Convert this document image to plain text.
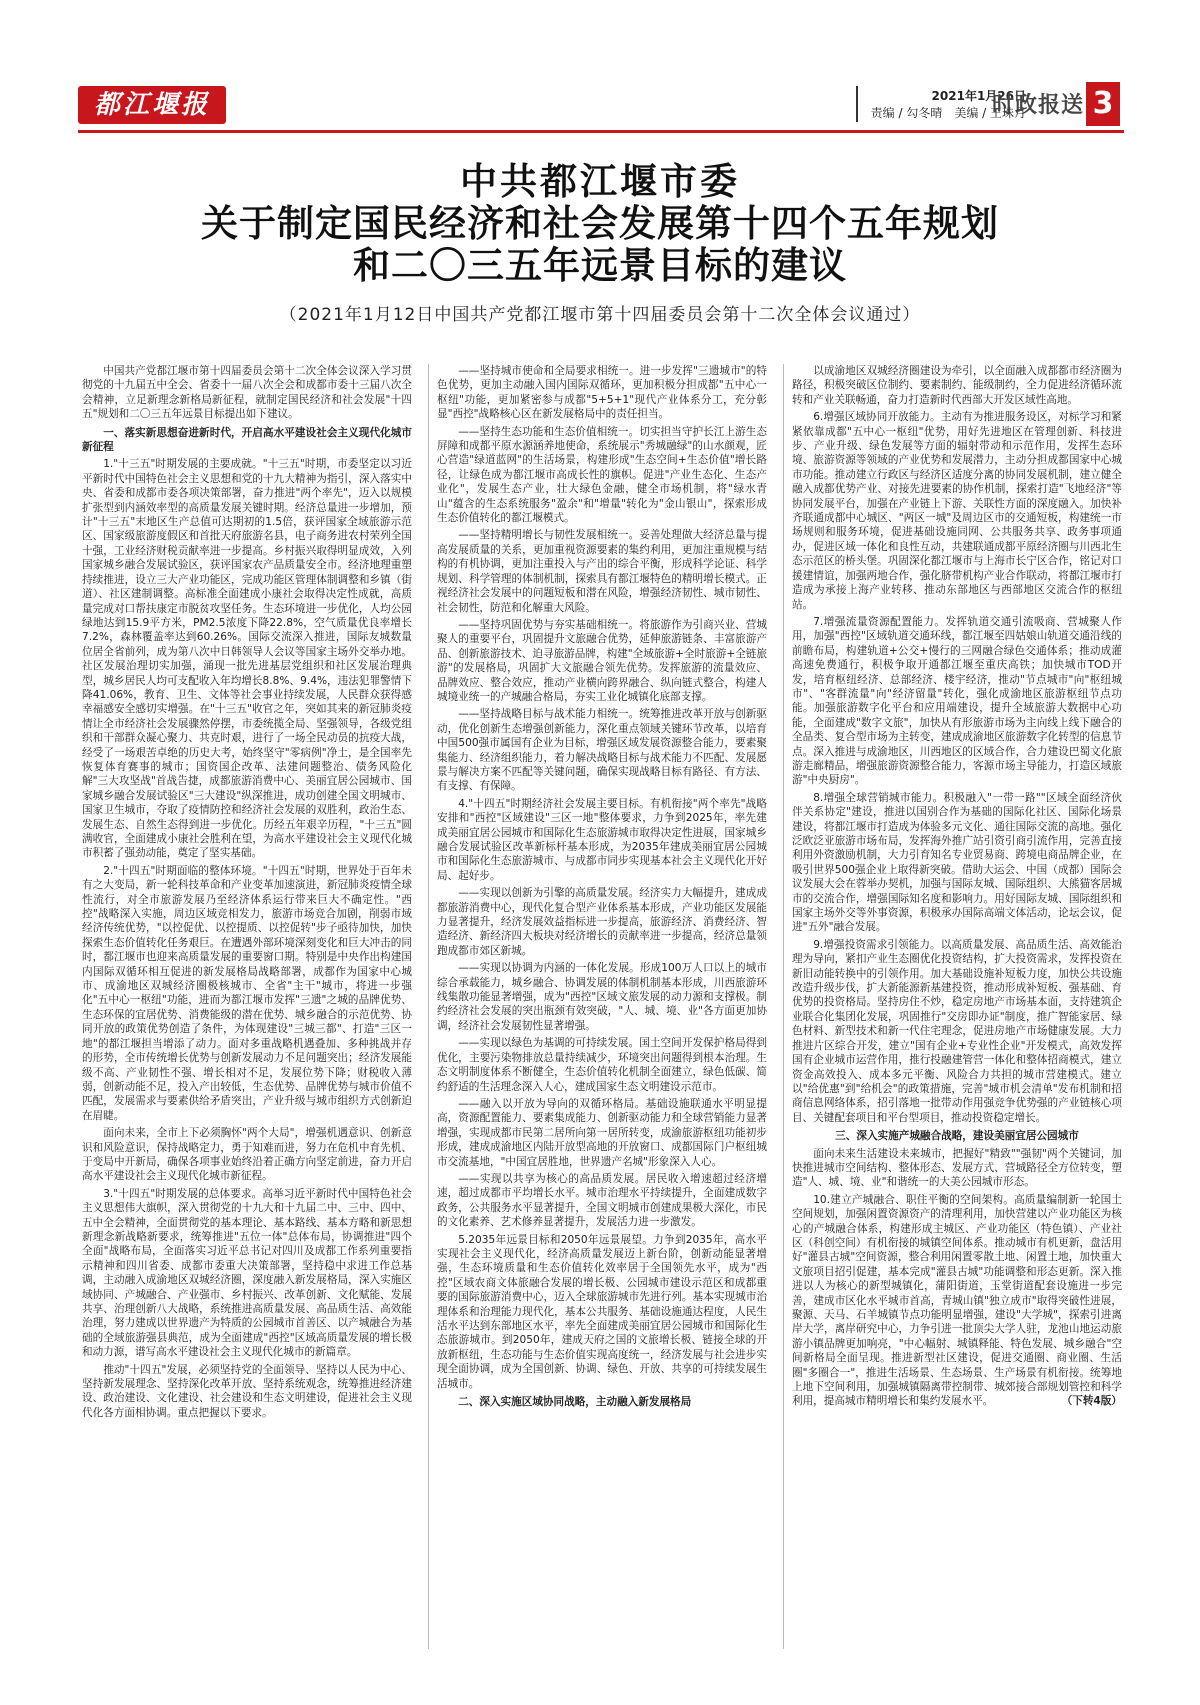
都江堰报	2021年1月26日
责编 / 勾冬晴　美编 / 王珠月
时政报送 3
中共都江堰市委
关于制定国民经济和社会发展第十四个五年规划
和二〇三五年远景目标的建议
（2021年1月12日中国共产党都江堰市第十四届委员会第十二次全体会议通过）

中国共产党都江堰市第十四届委员会第十二次全体会议深入学习贯彻党的十九届五中全会、省委十一届八次全会和成都市委十三届八次全会精神，立足新理念新格局新征程，就制定国民经济和社会发展"十四五"规划和二〇三五年远景目标提出如下建议。

一、落实新思想奋进新时代，开启高水平建设社会主义现代化城市新征程

1."十三五"时期发展的主要成就。"十三五"时期，市委坚定以习近平新时代中国特色社会主义思想和党的十九大精神为指引，深入落实中央、省委和成都市委各项决策部署，奋力推进"两个率先"，迈入以规模扩张型到内涵效率型的高质量发展关键时期。经济总量进一步增加，预计"十三五"末地区生产总值可达期初的1.5倍，获评国家全域旅游示范区、国家级旅游度假区和首批天府旅游名县，电子商务进农村荣列全国十强，工业经济财税贡献率进一步提高。乡村振兴取得明显成效，入列国家城乡融合发展试验区，获评国家农产品质量安全市。经济地理重塑持续推进，设立三大产业功能区，完成功能区管理体制调整和乡镇（街道）、社区建制调整。高标准全面建成小康社会取得决定性成就，高质量完成对口帮扶康定市脱贫攻坚任务。生态环境进一步优化，人均公园绿地达到15.9平方米，PM2.5浓度下降22.8%，空气质量优良率增长7.2%，森林覆盖率达到60.26%。国际交流深入推进，国际友城数量位居全省前列，成为第八次中日韩领导人会议等国家主场外交举办地。社区发展治理切实加强，涌现一批先进基层党组织和社区发展治理典型，城乡居民人均可支配收入年均增长8.8%、9.4%，违法犯罪警情下降41.06%，教育、卫生、文体等社会事业持续发展，人民群众获得感幸福感安全感切实增强。在"十三五"收官之年，突如其来的新冠肺炎疫情让全市经济社会发展骤然停摆，市委统揽全局、坚强领导，各级党组织和干部群众凝心聚力、共克时艰，进行了一场全民动员的抗疫大战，经受了一场艰苦卓绝的历史大考，始终坚守"零病例"净土，是全国率先恢复体育赛事的城市；国资国企改革、法建问题整治、债务风险化解"三大攻坚战"首战告捷，成都旅游消费中心、美丽宜居公园城市、国家城乡融合发展试验区"三大建设"纵深推进，成功创建全国文明城市、国家卫生城市，夺取了疫情防控和经济社会发展的双胜利，政治生态、发展生态、自然生态得到进一步优化。历经五年艰辛历程，"十三五"圆满收官，全面建成小康社会胜利在望，为高水平建设社会主义现代化城市积蓄了强劲动能，奠定了坚实基础。

2."十四五"时期面临的整体环境。"十四五"时期，世界处于百年未有之大变局，新一轮科技革命和产业变革加速演进，新冠肺炎疫情全球性流行，对全市旅游发展乃至经济体系运行带来巨大不确定性。"西控"战略深入实施，周边区域竞相发力，旅游市场竞合加剧，削弱市域经济传统优势，"以控促优、以控提质、以控促转"步子亟待加快，加快探索生态价值转化任务艰巨。在遭遇外部环境深刻变化和巨大冲击的同时，都江堰市也迎来高质量发展的重要窗口期。特别是中央作出构建国内国际双循环相互促进的新发展格局战略部署，成都作为国家中心城市、成渝地区双城经济圈极核城市、全省"主干"城市，将进一步强化"五中心一枢纽"功能，进而为都江堰市发挥"三遗"之城的品牌优势、生态环保的宜居优势、消费能级的潜在优势、城乡融合的示范优势、协同开放的政策优势创造了条件，为体现建设"三城三都"、打造"三区一地"的都江堰担当增添了动力。面对多重战略机遇叠加、多种挑战并存的形势，全市传统增长优势与创新发展动力不足问题突出；经济发展能级不高、产业韧性不强、增长相对不足，发展位势下降；财税收入薄弱，创新动能不足，投入产出较低，生态优势、品牌优势与城市价值不匹配，发展需求与要素供给矛盾突出，产业升级与城市组织方式创新迫在眉睫。

面向未来，全市上下必须胸怀"两个大局"，增强机遇意识、创新意识和风险意识，保持战略定力，勇于知难而进，努力在危机中育先机、于变局中开新局，确保各项事业始终沿着正确方向坚定前进，奋力开启高水平建设社会主义现代化城市新征程。

3."十四五"时期发展的总体要求。高举习近平新时代中国特色社会主义思想伟大旗帜，深入贯彻党的十九大和十九届二中、三中、四中、五中全会精神，全面贯彻党的基本理论、基本路线、基本方略和新思想新理念新战略新要求，统筹推进"五位一体"总体布局，协调推进"四个全面"战略布局，全面落实习近平总书记对四川及成都工作系列重要指示精神和四川省委、成都市委重大决策部署，坚持稳中求进工作总基调，主动融入成渝地区双城经济圈，深度融入新发展格局，深入实施区域协同、产城融合、产业强市、乡村振兴、改革创新、文化赋能、发展共享、治理创新八大战略，系统推进高质量发展、高品质生活、高效能治理，努力建成以世界遗产为特质的公园城市首善区、以产城融合为基础的全域旅游强县典范，成为全面建成"西控"区域高质量发展的增长极和动力源，谱写高水平建设社会主义现代化城市的新篇章。

推动"十四五"发展，必须坚持党的全面领导、坚持以人民为中心、坚持新发展理念、坚持深化改革开放、坚持系统观念，统筹推进经济建设、政治建设、文化建设、社会建设和生态文明建设，促进社会主义现代化各方面相协调。重点把握以下要求。

——坚持城市使命和全局要求相统一。进一步发挥"三遗城市"的特色优势，更加主动融入国内国际双循环，更加积极分担成都"五中心一枢纽"功能，更加紧密参与成都"5+5+1"现代产业体系分工，充分彰显"西控"战略核心区在新发展格局中的责任担当。

——坚持生态功能和生态价值相统一。切实担当守护长江上游生态屏障和成都平原水源涵养地使命，系统展示"秀城融绿"的山水颜观，匠心营造"绿道蓝网"的生活场景，构建形成"生态空间+生态价值"增长路径，让绿色成为都江堰市高成长性的旗帜。促进"产业生态化、生态产业化"，发展生态产业，壮大绿色金融，健全市场机制，将"绿水青山"蕴含的生态系统服务"盈余"和"增量"转化为"金山银山"，探索形成生态价值转化的都江堰模式。

——坚持精明增长与韧性发展相统一。妥善处理做大经济总量与提高发展质量的关系，更加重视资源要素的集约利用，更加注重规模与结构的有机协调，更加注重投入与产出的综合平衡，形成科学论证、科学规划、科学管理的体制机制，探索具有都江堰特色的精明增长模式。正视经济社会发展中的问题短板和潜在风险，增强经济韧性、城市韧性、社会韧性，防范和化解重大风险。

——坚持巩固优势与夯实基础相统一。将旅游作为引商兴业、营城聚人的重要平台，巩固提升文旅融合优势，延伸旅游链条、丰富旅游产品、创新旅游技术、迫寻旅游品牌，构建"全域旅游+全时旅游+全链旅游"的发展格局，巩固扩大文旅融合领先优势。发挥旅游的流量效应、品牌效应、整合效应，推动产业横向跨界融合、纵向链式整合，构建人城境业统一的产城融合格局，夯实工业化城镇化底部支撑。

——坚持战略目标与战术能力相统一。统筹推进改革开放与创新驱动，优化创新生态增强创新能力，深化重点领域关键环节改革，以培育中国500强市属国有企业为目标，增强区域发展资源整合能力，要素聚集能力、经济组织能力，着力解决战略目标与战术能力不匹配、发展愿景与解决方案不匹配等关键问题，确保实现战略目标有路径、有方法、有支撑、有保障。

4."十四五"时期经济社会发展主要目标。有机衔接"两个率先"战略安排和"西控"区域建设"三区一地"整体要求，力争到2025年，率先建成美丽宜居公园城市和国际化生态旅游城市取得决定性进展，国家城乡融合发展试验区改革新标杆基本形成，为2035年建成美丽宜居公园城市和国际化生态旅游城市、与成都市同步实现基本社会主义现代化开好局、起好步。

——实现以创新为引擎的高质量发展。经济实力大幅提升，建成成都旅游消费中心，现代化复合型产业体系基本形成，产业功能区发展能力显著提升，经济发展效益指标进一步提高，旅游经济、消费经济、智造经济、新经济四大板块对经济增长的贡献率进一步提高，经济总量领跑成都市郊区新城。

——实现以协调为内涵的一体化发展。形成100万人口以上的城市综合承载能力，城乡融合、协调发展的体制机制基本形成，川西旅游环线集散功能显著增强，成为"西控"区域文旅发展的动力源和支撑极。制约经济社会发展的突出瓶颈有效突破，"人、城、境、业"各方面更加协调，经济社会发展韧性显著增强。

——实现以绿色为基调的可持续发展。国土空间开发保护格局得到优化，主要污染物排放总量持续减少，环境突出问题得到根本治理。生态文明制度体系不断健全，生态价值转化机制全面建立，绿色低碳、简约舒适的生活理念深入人心，建成国家生态文明建设示范市。

——融入以开放为导向的双循环格局。基础设施联通水平明显提高，资源配置能力、要素集成能力、创新驱动能力和全球营销能力显著增强，实现成都市民第二居所向第一居所转变，成渝旅游枢纽功能初步形成，建成成渝地区内陆开放型高地的开放窗口、成都国际门户枢纽城市交流基地，"中国宜居胜地，世界遗产名城"形象深入人心。

——实现以共享为核心的高品质发展。居民收入增速超过经济增速，超过成都市平均增长水平。城市治理水平持续提升，全面建成数字政务，公共服务水平显著提升，全国文明城市创建成果极大深化，市民的文化素养、艺术修养显著提升，发展活力进一步激发。

5.2035年远景目标和2050年远景展望。力争到2035年，高水平实现社会主义现代化，经济高质量发展迈上新台阶，创新动能显著增强，生态环境质量和生态价值转化效率居于全国领先水平，成为"西控"区域农商文体旅融合发展的增长极、公园城市建设示范区和成都重要的国际旅游消费中心，迈入全球旅游城市先进行列。基本实现城市治理体系和治理能力现代化，基本公共服务、基础设施通达程度，人民生活水平达到东部地区水平，率先全面建成美丽宜居公园城市和国际化生态旅游城市。到2050年，建成天府之国的文旅增长极、链接全球的开放新枢纽，生态功能与生态价值实现高度统一，经济发展与社会进步实现全面协调，成为全国创新、协调、绿色、开放、共享的可持续发展生活城市。

二、深入实施区域协同战略，主动融入新发展格局

以成渝地区双城经济圈建设为牵引，以全面融入成都都市经济圈为路径，积极突破区位制约、要素制约、能级制约，全力促进经济循环流转和产业关联畅通，奋力打造新时代西部大开发区域性高地。

6.增强区域协同开放能力。主动有为推进服务设区，对标学习和紧紧依靠成都"五中心一枢纽"优势，用好先进地区在管理创新、科技进步、产业升级、绿色发展等方面的辐射带动和示范作用，发挥生态环境、旅游资源等领域的产业优势和发展潜力，主动分担成都国家中心城市功能。推动建立行政区与经济区适度分离的协同发展机制，建立健全融入成都优势产业、对接先进要素的协作机制，探索打造"飞地经济"等协同发展平台，加强在产业链上下游、关联性方面的深度融入。加快补齐联通成都中心城区、"两区一城"及周边区市的交通短板，构建统一市场规则和服务环境，促进基础设施同网、公共服务共享、政务事项通办，促进区域一体化和良性互动，共建联通成都平原经济圈与川西北生态示范区的桥头堡。巩固深化都江堰市与上海市长宁区合作，铭记对口援建情谊，加强两地合作，强化脐带机构产业合作联动，将都江堰市打造成为承接上海产业转移、推动东部地区与西部地区交流合作的枢纽站。

7.增强流量资源配置能力。发挥轨道交通引流吸商、营城聚人作用，加强"西控"区域轨道交通环线，都江堰至四姑娘山轨道交通沿线的前瞻布局，构建轨道+公交+慢行的三网融合绿色交通体系；推动成灌高速免费通行，积极争取开通都江堰至重庆高铁；加快城市TOD开发，培育枢纽经济、总部经济、楼宇经济，推动"节点城市"向"枢纽城市"、"客群流量"向"经济留量"转化，强化成渝地区旅游枢纽节点功能。加强旅游数字化平台和应用端建设，提升全域旅游大数据中心功能，全面建成"数字文旅"，加快从有形旅游市场为主向线上线下融合的全品类、复合型市场为主转变，建成成渝地区旅游数字化转型的信息节点。深入推进与成渝地区，川西地区的区域合作，合力建设巴蜀文化旅游走廊精品，增强旅游资源整合能力，客源市场主导能力，打造区域旅游"中央厨房"。

8.增强全球营销城市能力。积极融入"一带一路""区域全面经济伙伴关系协定"建设，推进以国别合作为基础的国际化社区、国际化场景建设，将都江堰市打造成为体验多元文化、通往国际交流的高地。强化泛欧泛亚旅游市场布局，发挥海外推广站引资引商引流作用，完善直接利用外资激励机制，大力引育知名专业贸易商、跨境电商品牌企业，在吸引世界500强企业上取得新突破。借助大运会、中国（成都）国际会议发展大会在蓉举办契机，加强与国际友城、国际组织、大熊猫客居城市的交流合作，增强国际知名度和影响力。用好国际友城、国际组织和国家主场外交等外事资源，积极承办国际高端文体活动，论坛会议，促进"五外"融合发展。

9.增强投资需求引领能力。以高质量发展、高品质生活、高效能治理为导向，紧扣产业生态圈优化投资结构，扩大投资需求，发挥投资在新旧动能转换中的引领作用。加大基础设施补短板力度，加快公共设施改造升级步伐，扩大新能源新基建投资，推动形成补短板、强基础、育优势的投资格局。坚持房住不炒，稳定房地产市场基本面，支持建筑企业联合化集团化发展，巩固推行"交房即办证"制度，推广智能家居、绿色材料、新型技术和新一代住宅理念，促进房地产市场健康发展。大力推进片区综合开发，建立"国有企业+专业性企业"开发模式，高效发挥国有企业城市运营作用，推行投融建管营一体化和整体招商模式，建立资金高效投入、成本多元平衡、风险合力共担的城市营建模式。建立以"给优惠"到"给机会"的政策措施，完善"城市机会清单"发布机制和招商信息网络体系，招引落地一批带动作用强竞争优势强的产业链核心项目、关键配套项目和平台型项目，推动投资稳定增长。

三、深入实施产城融合战略，建设美丽宜居公园城市

面向未来生活建设未来城市，把握好"精致""强韧"两个关键词，加快推进城市空间结构、整体形态、发展方式、营城路径全方位转变，塑造"人、城、境、业"和谐统一的大美公园城市形态。

10.建立产城融合、职住平衡的空间架构。高质量编制新一轮国土空间规划，加强闲置资源资产的清理利用，加快营建以产业功能区为核心的产城融合体系，构建形成主城区、产业功能区（特色镇）、产业社区（科创空间）有机衔接的城镇空间体系。推动城市有机更新，盘活用好"灌县古城"空间资源，整合利用闲置零散土地、闲置土地，加快重大文旅项目招引促建，基本完成"灌县古城"功能调整和形态更新。深入推进以人为核心的新型城镇化，蒲阳街道，玉堂街道配套设施进一步完善，建成市区化水平城市首高，青城山镇"独立成市"取得突破性进展，聚源、天马、石羊城镇节点功能明显增强，建设"大学城"，探索引进离岸大学，离岸研究中心，力争引进一批顶尖大学人驻，龙池山地运动旅游小镇品牌更加响亮，"中心幅射、城镇释能、特色发展、城乡融合"空间新格局全面呈现。推进新型社区建设，促进交通圈、商业圈、生活圈"多圈合一"，推进生活场景、生态场景、生产场景有机衔接。统筹地上地下空间利用，加强城镇隔离带控制带、城郊接合部规划管控和科学利用，提高城市精明增长和集约发展水平。	（下转4版）
